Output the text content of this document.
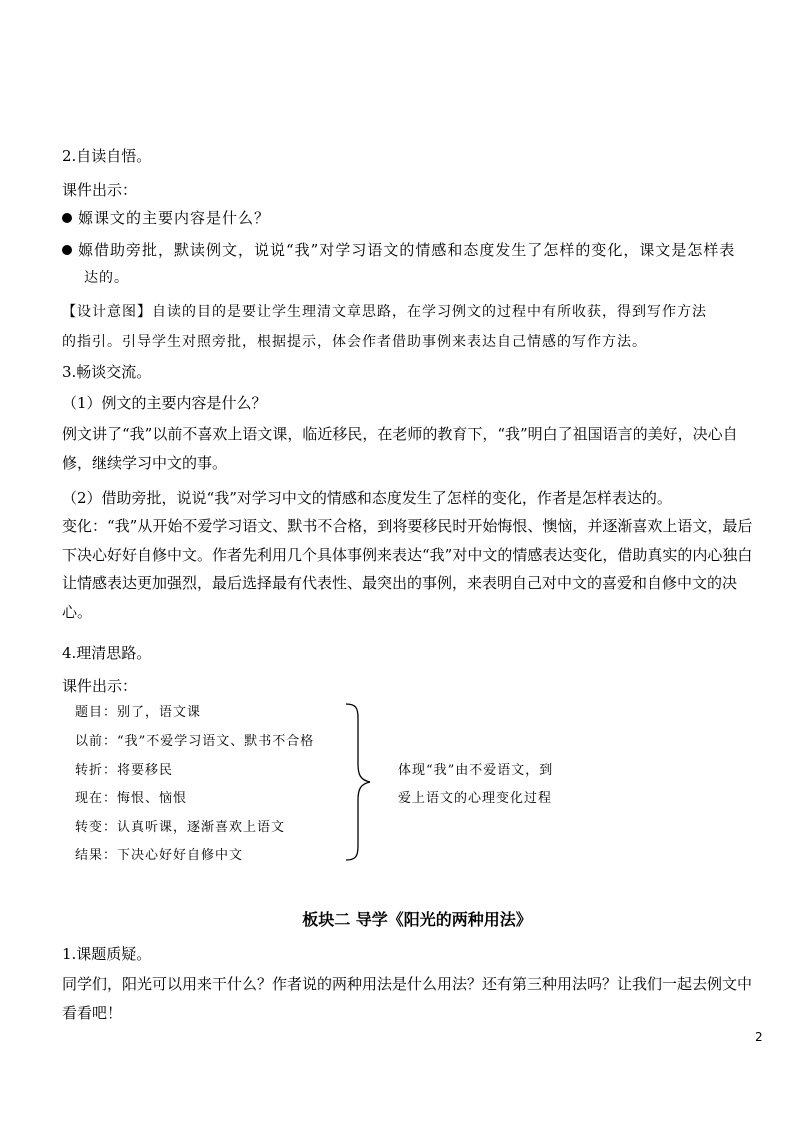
2.自读自悟。
课件出示：
嫄课文的主要内容是什么？
嫄借助旁批，默读例文，说说“我”对学习语文的情感和态度发生了怎样的变化，课文是怎样表
达的。
【设计意图】自读的目的是要让学生理清文章思路，在学习例文的过程中有所收获，得到写作方法
的指引。引导学生对照旁批，根据提示，体会作者借助事例来表达自己情感的写作方法。
3.畅谈交流。
（1）例文的主要内容是什么？
例文讲了“我”以前不喜欢上语文课，临近移民，在老师的教育下，“我”明白了祖国语言的美好，决心自修，继续学习中文的事。
（2）借助旁批，说说“我”对学习中文的情感和态度发生了怎样的变化，作者是怎样表达的。
变化：“我”从开始不爱学习语文、默书不合格，到将要移民时开始悔恨、懊恼，并逐渐喜欢上语文，最后下决心好好自修中文。作者先利用几个具体事例来表达“我”对中文的情感表达变化，借助真实的内心独白让情感表达更加强烈，最后选择最有代表性、最突出的事例，来表明自己对中文的喜爱和自修中文的决心。
4.理清思路。
课件出示：
题目：别了，语文课
以前：“我”不爱学习语文、默书不合格
转折：将要移民
现在：悔恨、恼恨
转变：认真听课，逐渐喜欢上语文
结果：下决心好好自修中文
体现“我”由不爱语文，到
爱上语文的心理变化过程
板块二 导学《阳光的两种用法》
1.课题质疑。
同学们，阳光可以用来干什么？作者说的两种用法是什么用法？还有第三种用法吗？让我们一起去例文中看看吧！
2
